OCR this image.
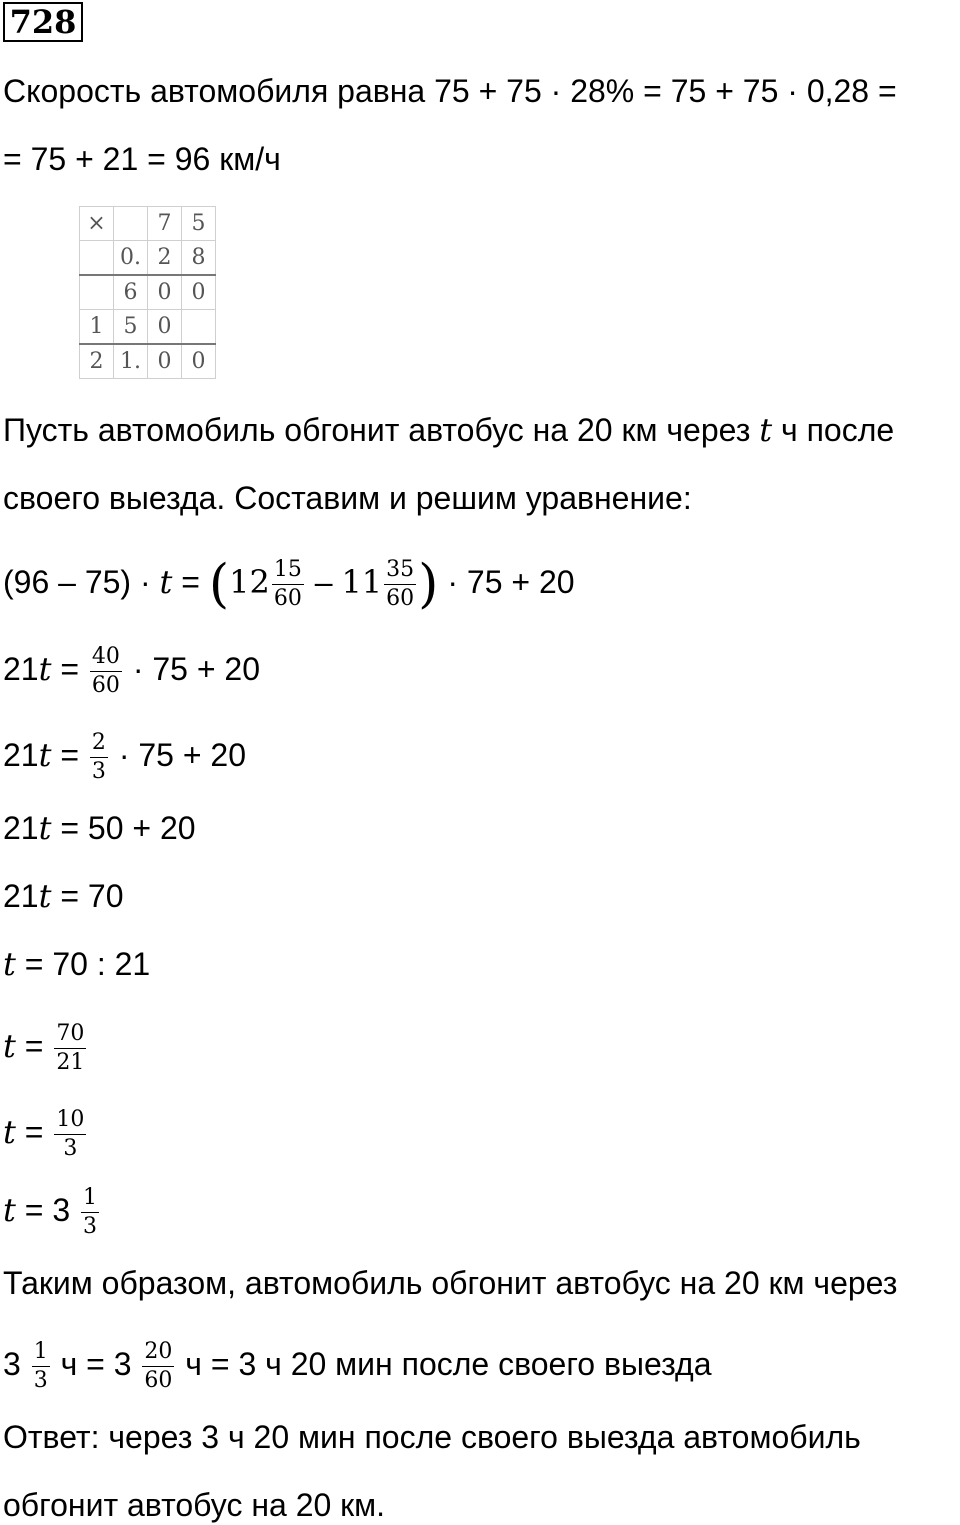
728
Скорость автомобиля равна 75 + 75 · 28% = 75 + 75 · 0,28 =
= 75 + 21 = 96 км/ч
×		7	5
	0.	2	8
	6	0	0
1	5	0	
2	1.	0	0
Пусть автомобиль обгонит автобус на 20 км через t ч после
своего выезда. Составим и решим уравнение:
$(96 - 75) \cdot t = (12 \frac{15}{60} - 11 \frac{35}{60}$ ) · 75 + 20
$21t = \frac{40}{60} \cdot 75 + 20$
$21t = \frac{2}{3} \cdot 75 + 20$
21t = 50 + 20
21t = 70
t = 70 : 21
$t = \frac{70}{21}$
$t = \frac{10}{3}$
$t = 3 \frac{1}{3}$
Таким образом, автомобиль обгонит автобус на 20 км через
$3 \frac{1}{3}$ $ч = 3 \frac{20}{60}$ ч = 3 ч 20 мин после своего выезда
Ответ: через 3 ч 20 мин после своего выезда автомобиль
обгонит автобус на 20 км.
